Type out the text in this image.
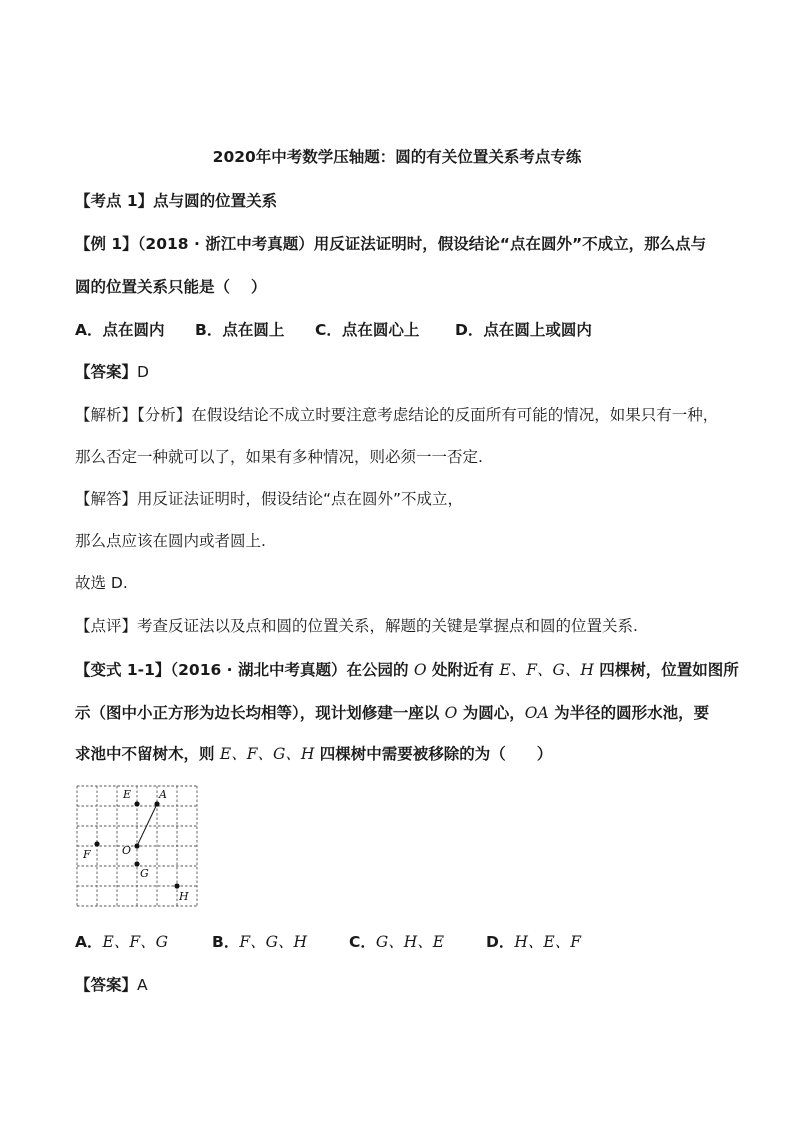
2020年中考数学压轴题：圆的有关位置关系考点专练
【考点 1】点与圆的位置关系
【例 1】（2018 · 浙江中考真题）用反证法证明时，假设结论“点在圆外”不成立，那么点与
圆的位置关系只能是（　 ）
A．点在圆内 B．点在圆上 C．点在圆心上 D．点在圆上或圆内
【答案】D
【解析】【分析】在假设结论不成立时要注意考虑结论的反面所有可能的情况，如果只有一种，
那么否定一种就可以了，如果有多种情况，则必须一一否定.
【解答】用反证法证明时，假设结论“点在圆外”不成立，
那么点应该在圆内或者圆上.
故选 D.
【点评】考查反证法以及点和圆的位置关系，解题的关键是掌握点和圆的位置关系.
【变式 1-1】（2016 · 湖北中考真题）在公园的 O 处附近有 E、F、G、H 四棵树，位置如图所
示（图中小正方形为边长均相等），现计划修建一座以 O 为圆心，OA 为半径的圆形水池，要
求池中不留树木，则 E、F、G、H 四棵树中需要被移除的为（　　）
E	A
F	O
G
H
A．E、F、G	B．F、G、H	C．G、H、E	D．H、E、F
【答案】A
